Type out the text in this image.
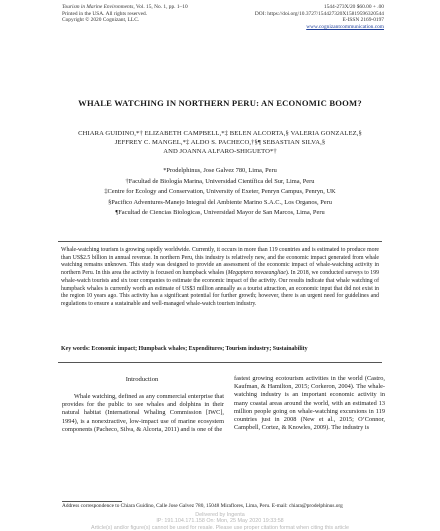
Tourism in Marine Environments, Vol. 15, No. 1, pp. 1–10
Printed in the USA. All rights reserved.
Copyright © 2020 Cognizant, LLC.
1544-273X/20 $60.00 + .00
DOI: https://doi.org/10.3727/154427320X15819596320544
E-ISSN 2169-0197
www.cognizantcommunication.com
WHALE WATCHING IN NORTHERN PERU: AN ECONOMIC BOOM?
CHIARA GUIDINO,*† ELIZABETH CAMPBELL,*‡ BELEN ALCORTA,§ VALERIA GONZALEZ,§
JEFFREY C. MANGEL,*‡ ALDO S. PACHECO,†§¶ SEBASTIAN SILVA,§
AND JOANNA ALFARO-SHIGUETO*†
*Prodelphinus, Jose Galvez 780, Lima, Peru
†Facultad de Biología Marina, Universidad Científica del Sur, Lima, Peru
‡Centre for Ecology and Conservation, University of Exeter, Penryn Campus, Penryn, UK
§Pacifico Adventures-Manejo Integral del Ambiente Marino S.A.C., Los Organos, Peru
¶Facultad de Ciencias Biologicas, Universidad Mayor de San Marcos, Lima, Peru
Whale-watching tourism is growing rapidly worldwide. Currently, it occurs in more than 119 countries and is estimated to produce more than US$2.5 billion in annual revenue. In northern Peru, this industry is relatively new, and the economic impact generated from whale watching remains unknown. This study was designed to provide an assessment of the economic impact of whale-watching activity in northern Peru. In this area the activity is focused on humpback whales (Megaptera novaeangliae). In 2018, we conducted surveys to 199 whale-watch tourists and six tour companies to estimate the economic impact of the activity. Our results indicate that whale watching of humpback whales is currently worth an estimate of US$3 million annually as a tourist attraction, an economic input that did not exist in the region 10 years ago. This activity has a significant potential for further growth; however, there is an urgent need for guidelines and regulations to ensure a sustainable and well-managed whale-watch tourism industry.
Key words: Economic impact; Humpback whales; Expenditures; Tourism industry; Sustainability
Introduction
Whale watching, defined as any commercial enterprise that provides for the public to see whales and dolphins in their natural habitat (International Whaling Commission [IWC], 1994), is a nonextractive, low-impact use of marine ecosystem components (Pacheco, Silva, & Alcorta, 2011) and is one of the
fastest growing ecotourism activities in the world (Castro, Kaufman, & Hamilton, 2015; Corkeron, 2004). The whale-watching industry is an important economic activity in many coastal areas around the world, with an estimated 13 million people going on whale-watching excursions in 119 countries just in 2008 (New et al., 2015; O’Connor, Campbell, Cortez, & Knowles, 2009). The industry is
Address correspondence to Chiara Guidino, Calle Jose Galvez 780, 15048 Miraflores, Lima, Peru. E-mail: chiara@prodelphinus.org
Delivered by Ingenta
IP: 191.104.171.158 On: Mon, 25 May 2020 19:33:58
Article(s) and/or figure(s) cannot be used for resale. Please use proper citation format when citing this article
